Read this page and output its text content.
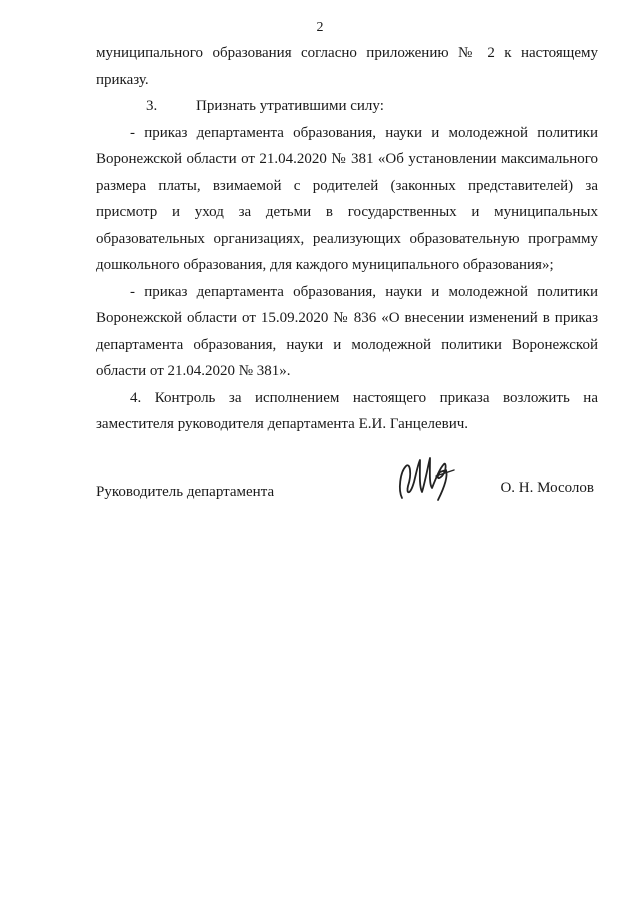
2

муниципального образования согласно приложению № 2 к настоящему приказу.

3.	Признать утратившими силу:

- приказ департамента образования, науки и молодежной политики Воронежской области от 21.04.2020 № 381 «Об установлении максимального размера платы, взимаемой с родителей (законных представителей) за присмотр и уход за детьми в государственных и муниципальных образовательных организациях, реализующих образовательную программу дошкольного образования, для каждого муниципального образования»;

- приказ департамента образования, науки и молодежной политики Воронежской области от 15.09.2020 № 836 «О внесении изменений в приказ департамента образования, науки и молодежной политики Воронежской области от 21.04.2020 № 381».

4. Контроль за исполнением настоящего приказа возложить на заместителя руководителя департамента Е.И. Ганцелевич.

Руководитель департамента	О. Н. Мосолов
